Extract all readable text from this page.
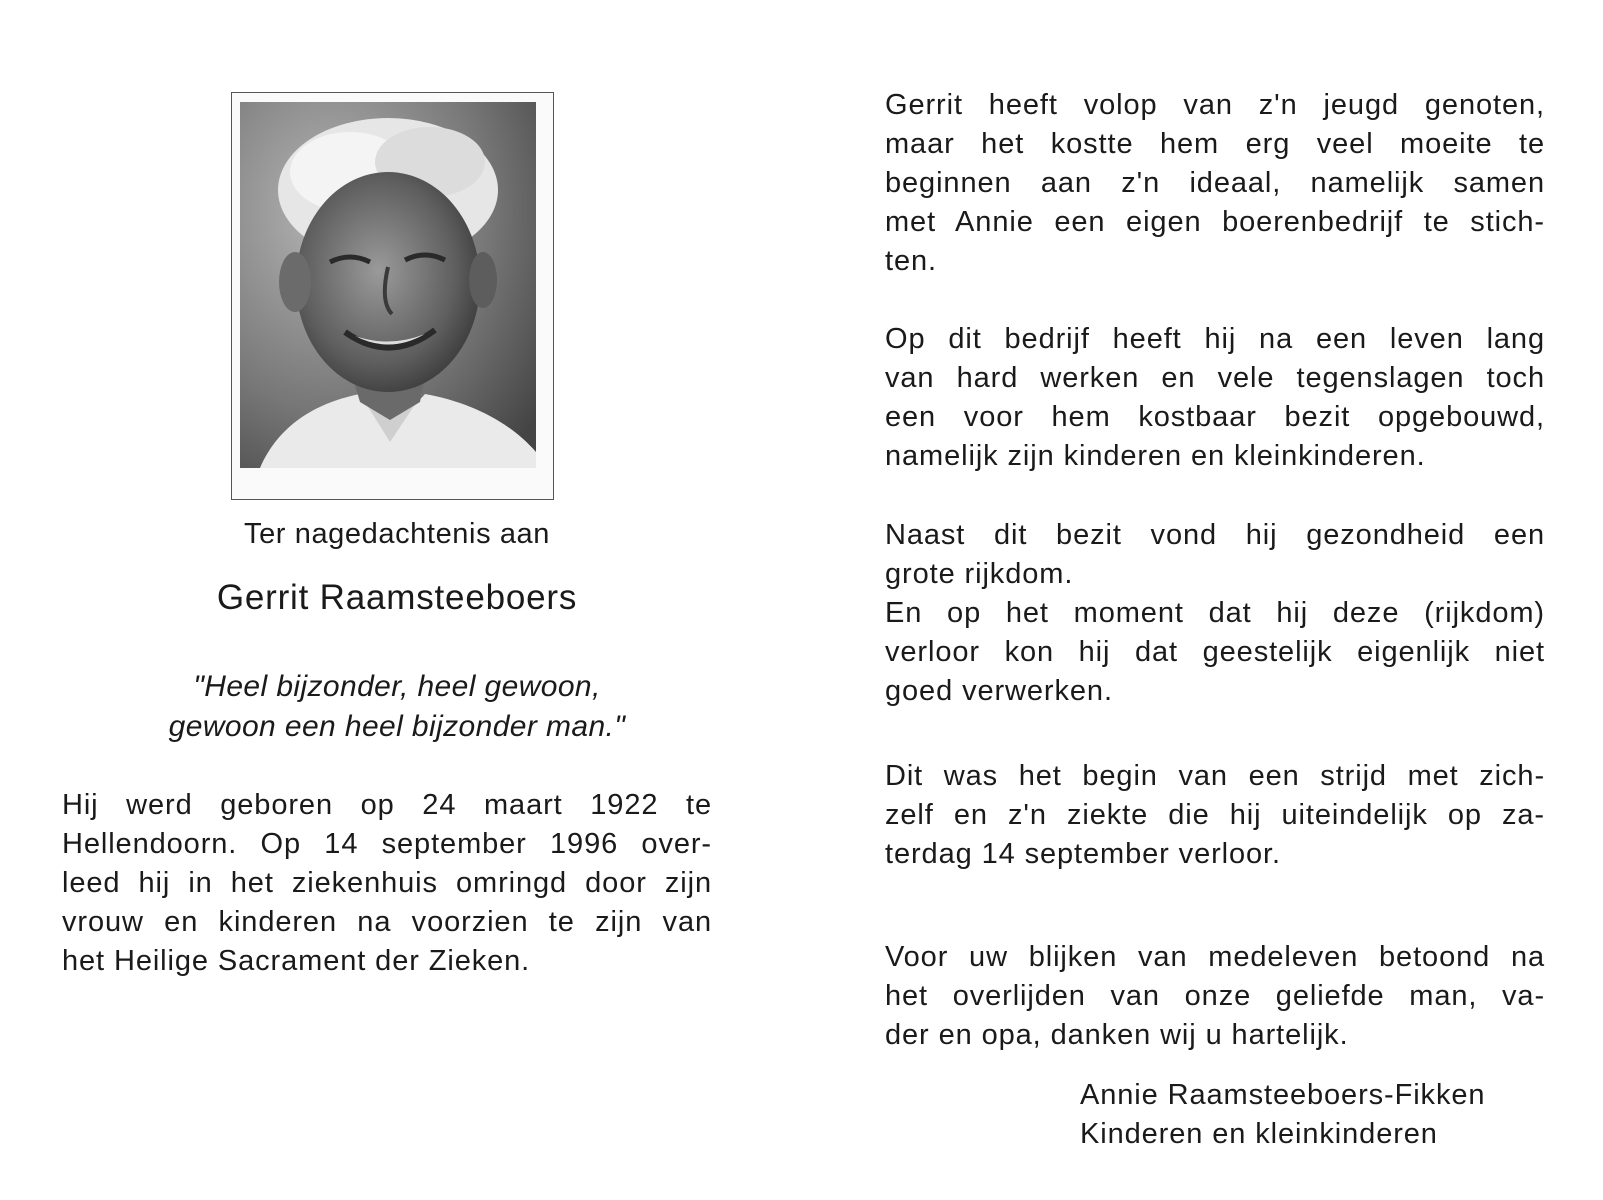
Ter nagedachtenis aan
Gerrit Raamsteeboers
"Heel bijzonder, heel gewoon,
gewoon een heel bijzonder man."
Hij werd geboren op 24 maart 1922 te
Hellendoorn. Op 14 september 1996 over-
leed hij in het ziekenhuis omringd door zijn
vrouw en kinderen na voorzien te zijn van
het Heilige Sacrament der Zieken.
Gerrit heeft volop van z'n jeugd genoten,
maar het kostte hem erg veel moeite te
beginnen aan z'n ideaal, namelijk samen
met Annie een eigen boerenbedrijf te stich-
ten.
Op dit bedrijf heeft hij na een leven lang
van hard werken en vele tegenslagen toch
een voor hem kostbaar bezit opgebouwd,
namelijk zijn kinderen en kleinkinderen.
Naast dit bezit vond hij gezondheid een
grote rijkdom.
En op het moment dat hij deze (rijkdom)
verloor kon hij dat geestelijk eigenlijk niet
goed verwerken.
Dit was het begin van een strijd met zich-
zelf en z'n ziekte die hij uiteindelijk op za-
terdag 14 september verloor.
Voor uw blijken van medeleven betoond na
het overlijden van onze geliefde man, va-
der en opa, danken wij u hartelijk.
Annie Raamsteeboers-Fikken
Kinderen en kleinkinderen
